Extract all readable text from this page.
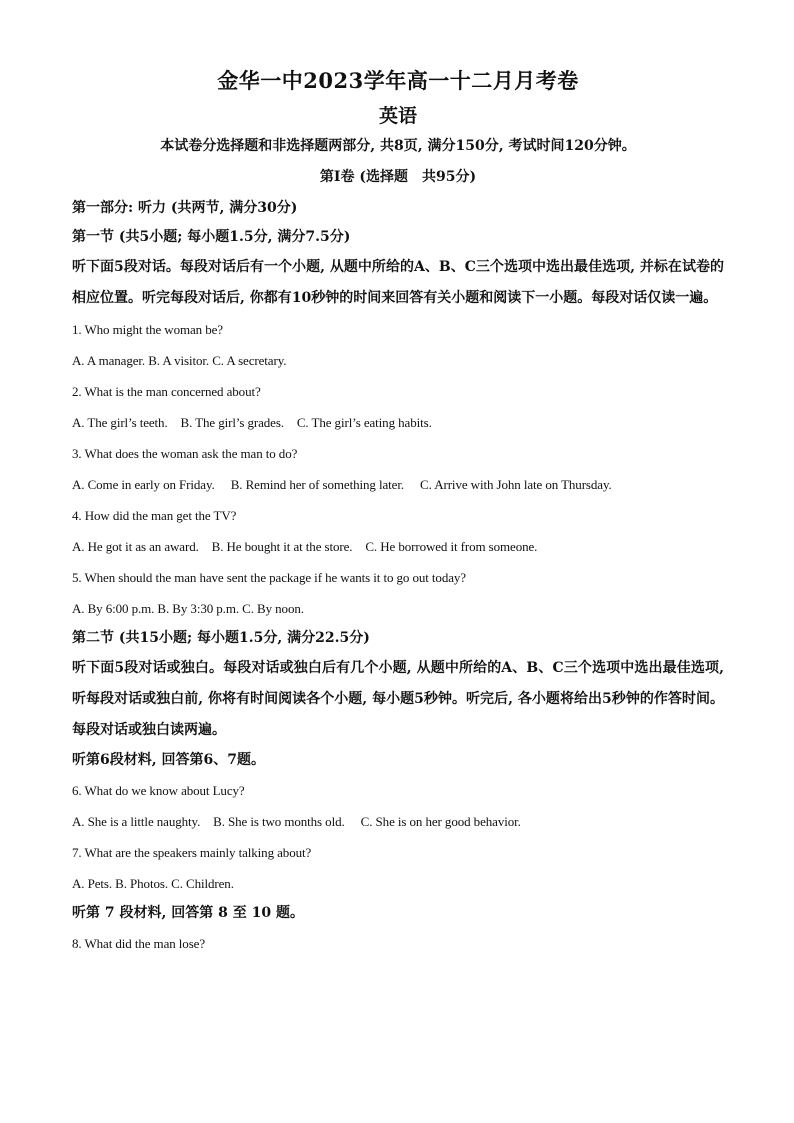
金华一中2023学年高一十二月月考卷
英语
本试卷分选择题和非选择题两部分, 共8页, 满分150分, 考试时间120分钟。
第I卷 (选择题　共95分)
第一部分: 听力 (共两节, 满分30分)
第一节 (共5小题; 每小题1.5分, 满分7.5分)
听下面5段对话。每段对话后有一个小题, 从题中所给的A、B、C三个选项中选出最佳选项, 并标在试卷的相应位置。听完每段对话后, 你都有10秒钟的时间来回答有关小题和阅读下一小题。每段对话仅读一遍。
1. Who might the woman be?
A. A manager. B. A visitor. C. A secretary.
2. What is the man concerned about?
A. The girl’s teeth.　B. The girl’s grades.　C. The girl’s eating habits.
3. What does the woman ask the man to do?
A. Come in early on Friday.　 B. Remind her of something later.　 C. Arrive with John late on Thursday.
4. How did the man get the TV?
A. He got it as an award.　B. He bought it at the store.　C. He borrowed it from someone.
5. When should the man have sent the package if he wants it to go out today?
A. By 6:00 p.m. B. By 3:30 p.m. C. By noon.
第二节 (共15小题; 每小题1.5分, 满分22.5分)
听下面5段对话或独白。每段对话或独白后有几个小题, 从题中所给的A、B、C三个选项中选出最佳选项, 听每段对话或独白前, 你将有时间阅读各个小题, 每小题5秒钟。听完后, 各小题将给出5秒钟的作答时间。每段对话或独白读两遍。
听第6段材料, 回答第6、7题。
6. What do we know about Lucy?
A. She is a little naughty.　B. She is two months old.　 C. She is on her good behavior.
7. What are the speakers mainly talking about?
A. Pets. B. Photos. C. Children.
听第 7 段材料, 回答第 8 至 10 题。
8. What did the man lose?
